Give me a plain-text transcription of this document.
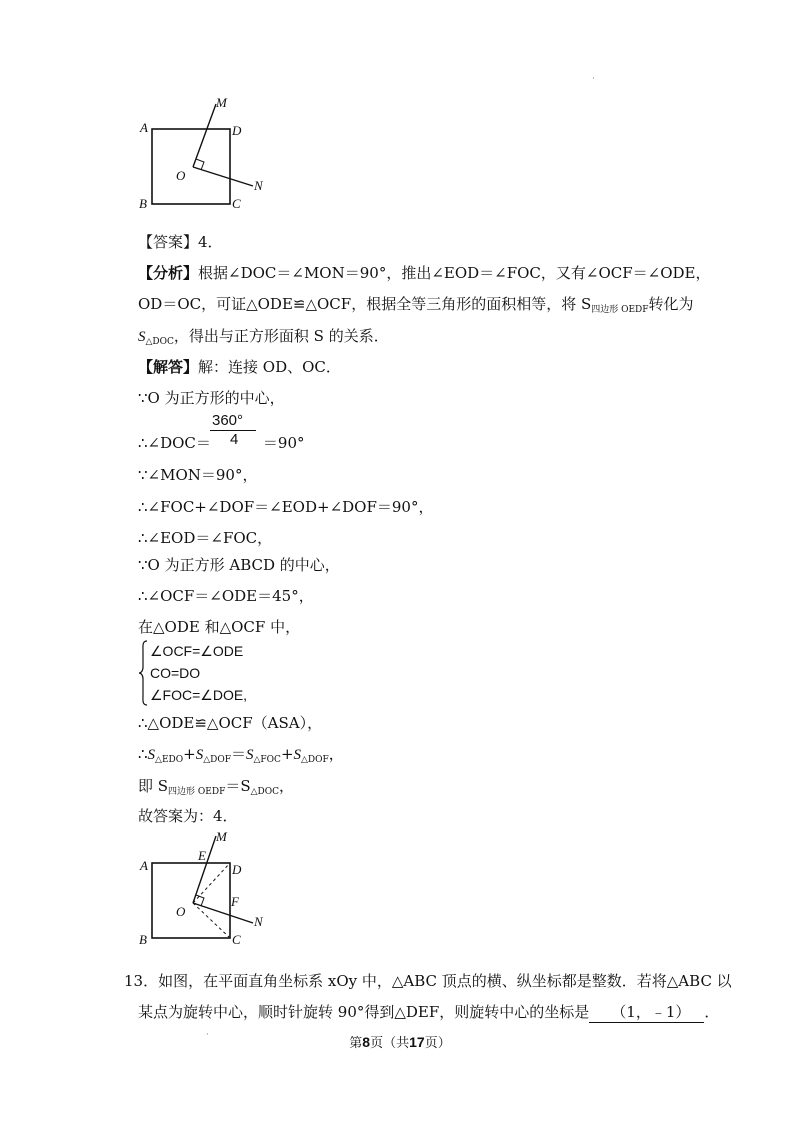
M
A	D
O
N
B	C
·
【答案】4．
【分析】根据∠DOC＝∠MON＝90°，推出∠EOD＝∠FOC，又有∠OCF＝∠ODE，
OD＝OC，可证△ODE≌△OCF，根据全等三角形的面积相等，将 $S_{四边形 OEDF}$转化为
$S_{\triangle DOC}$，得出与正方形面积 S 的关系．
【解答】解：连接 OD、OC．
∵O 为正方形的中心，
360°
4
∴∠DOC＝	＝90°
∵∠MON＝90°，
∴∠FOC+∠DOF＝∠EOD+∠DOF＝90°，
∴∠EOD＝∠FOC，
∵O 为正方形 ABCD 的中心，
∴∠OCF＝∠ODE＝45°，
在△ODE 和△OCF 中，
∠OCF=∠ODE
CO=DO
∠FOC=∠DOE,
∴△ODE≌△OCF（ASA），
$\therefore S_{\triangle EDO}+S_{\triangle DOF}=S_{\triangle FOC}+S_{\triangle DOF}$，
即 $S_{四边形 OEDF}=S_{\triangle DOC}$，
故答案为：4．
M
E
A	D
F
O
N
B	C
13．如图，在平面直角坐标系 xOy 中，△ABC 顶点的横、纵坐标都是整数．若将△ABC 以
某点为旋转中心，顺时针旋转 90°得到△DEF，则旋转中心的坐标是 （1，﹣1） ．
·
第8页（共17页）
